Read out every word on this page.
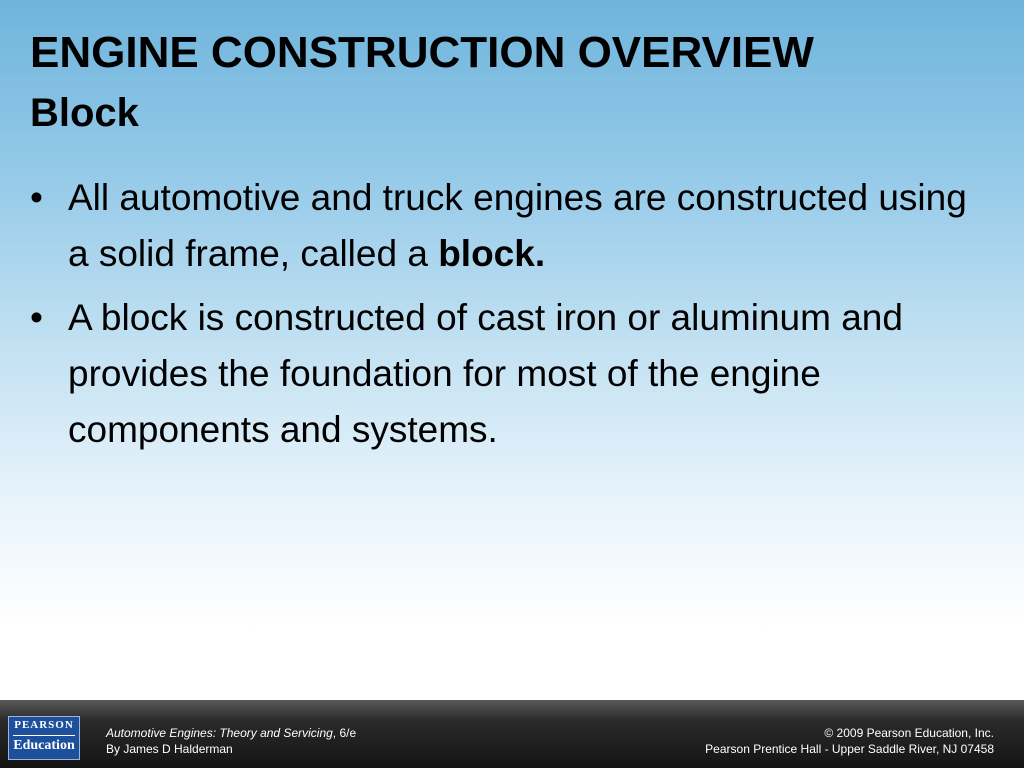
ENGINE CONSTRUCTION OVERVIEW
Block
• All automotive and truck engines are constructed using a solid frame, called a block.
• A block is constructed of cast iron or aluminum and provides the foundation for most of the engine components and systems.
PEARSON
Education
Automotive Engines: Theory and Servicing, 6/e
By James D Halderman
© 2009 Pearson Education, Inc.
Pearson Prentice Hall - Upper Saddle River, NJ 07458
